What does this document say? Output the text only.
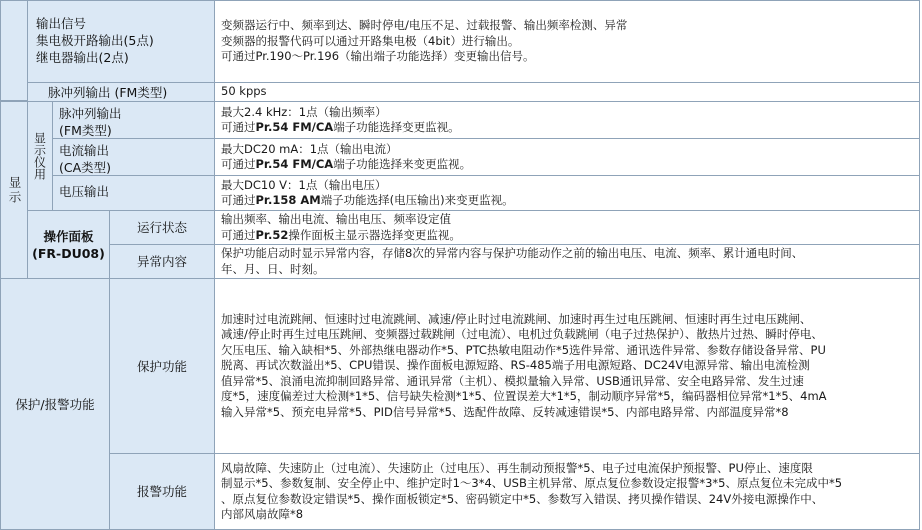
输出信号
集电极开路输出(5点)
继电器输出(2点)
变频器运行中、频率到达、瞬时停电/电压不足、过载报警、输出频率检测、异常
变频器的报警代码可以通过开路集电极（4bit）进行输出。
可通过Pr.190～Pr.196（输出端子功能选择）变更输出信号。
脉冲列输出 (FM类型)	50 kpps
显示
显示仪用
脉冲列输出
(FM类型)
最大2.4 kHz：1点（输出频率）
可通过Pr.54 FM/CA端子功能选择变更监视。
电流输出
(CA类型)
最大DC20 mA：1点（输出电流）
可通过Pr.54 FM/CA端子功能选择来变更监视。
电压输出	最大DC10 V：1点（输出电压）
可通过Pr.158 AM端子功能选择(电压输出)来变更监视。
操作面板
(FR-DU08)
运行状态
输出频率、输出电流、输出电压、频率设定值
可通过Pr.52操作面板主显示器选择变更监视。
异常内容
保护功能启动时显示异常内容，存储8次的异常内容与保护功能动作之前的输出电压、电流、频率、累计通电时间、
年、月、日、时刻。
保护/报警功能
保护功能
加速时过电流跳闸、恒速时过电流跳闸、减速/停止时过电流跳闸、加速时再生过电压跳闸、恒速时再生过电压跳闸、
减速/停止时再生过电压跳闸、变频器过载跳闸（过电流）、电机过负载跳闸（电子过热保护）、散热片过热、瞬时停电、
欠压电压、输入缺相*5、外部热继电器动作*5、PTC热敏电阻动作*5选件异常、通讯选件异常、参数存储设备异常、PU
脱离、再试次数溢出*5、CPU错误、操作面板电源短路、RS-485端子用电源短路、DC24V电源异常、输出电流检测
值异常*5、浪涌电流抑制回路异常、通讯异常（主机）、模拟量输入异常、USB通讯异常、安全电路异常、发生过速
度*5，速度偏差过大检测*1*5、信号缺失检测*1*5、位置误差大*1*5，制动顺序异常*5，编码器相位异常*1*5、4mA
输入异常*5、预充电异常*5、PID信号异常*5、选配件故障、反转减速错误*5、内部电路异常、内部温度异常*8
报警功能
风扇故障、失速防止（过电流）、失速防止（过电压）、再生制动预报警*5、电子过电流保护预报警、PU停止、速度限
制显示*5、参数复制、安全停止中、维护定时1～3*4、USB主机异常、原点复位参数设定报警*3*5、原点复位未完成中*5
、原点复位参数设定错误*5、操作面板锁定*5、密码锁定中*5、参数写入错误、拷贝操作错误、24V外接电源操作中、
内部风扇故障*8
